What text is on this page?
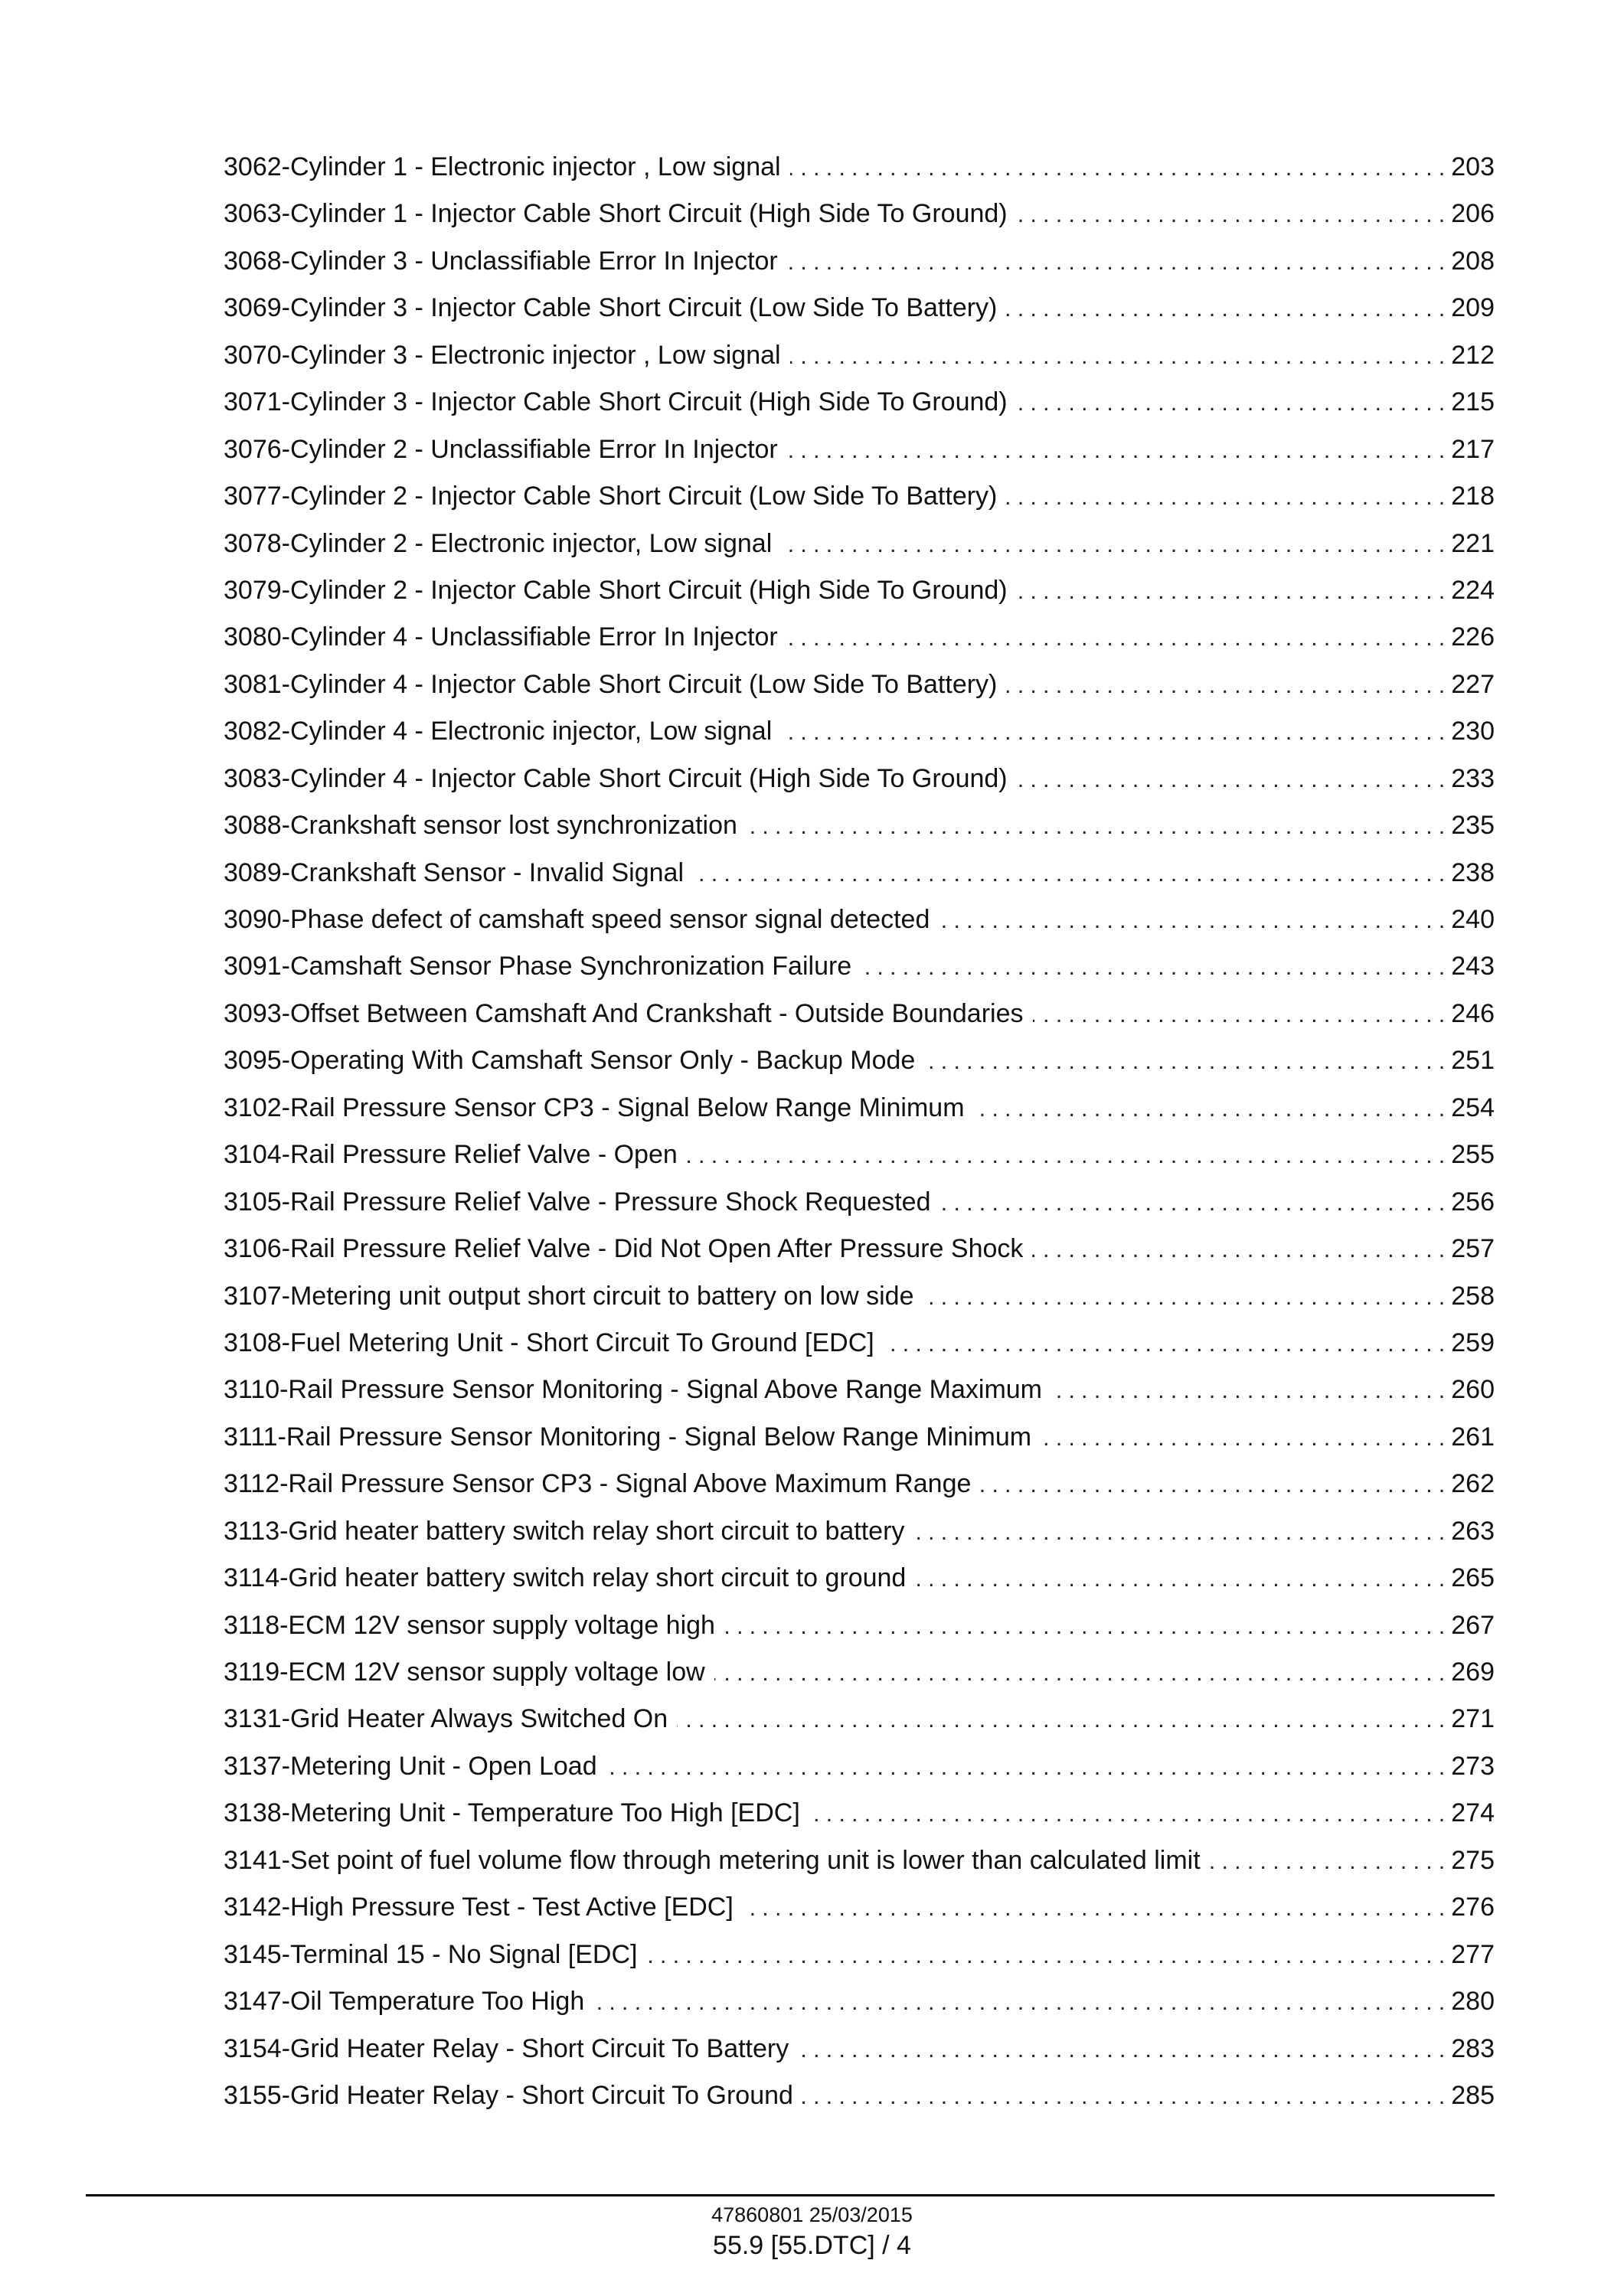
3062-Cylinder 1 - Electronic injector , Low signal . . .	203
3063-Cylinder 1 - Injector Cable Short Circuit (High Side To Ground) . . .	206
3068-Cylinder 3 - Unclassifiable Error In Injector . . .	208
3069-Cylinder 3 - Injector Cable Short Circuit (Low Side To Battery) . . .	209
3070-Cylinder 3 - Electronic injector , Low signal . . .	212
3071-Cylinder 3 - Injector Cable Short Circuit (High Side To Ground) . . .	215
3076-Cylinder 2 - Unclassifiable Error In Injector . . .	217
3077-Cylinder 2 - Injector Cable Short Circuit (Low Side To Battery) . . .	218
3078-Cylinder 2 - Electronic injector, Low signal . . .	221
3079-Cylinder 2 - Injector Cable Short Circuit (High Side To Ground) . . .	224
3080-Cylinder 4 - Unclassifiable Error In Injector . . .	226
3081-Cylinder 4 - Injector Cable Short Circuit (Low Side To Battery) . . .	227
3082-Cylinder 4 - Electronic injector, Low signal . . .	230
3083-Cylinder 4 - Injector Cable Short Circuit (High Side To Ground) . . .	233
3088-Crankshaft sensor lost synchronization . . .	235
3089-Crankshaft Sensor - Invalid Signal . . .	238
3090-Phase defect of camshaft speed sensor signal detected . . .	240
3091-Camshaft Sensor Phase Synchronization Failure . . .	243
3093-Offset Between Camshaft And Crankshaft - Outside Boundaries . . .	246
3095-Operating With Camshaft Sensor Only - Backup Mode . . .	251
3102-Rail Pressure Sensor CP3 - Signal Below Range Minimum . . .	254
3104-Rail Pressure Relief Valve - Open . . .	255
3105-Rail Pressure Relief Valve - Pressure Shock Requested . . .	256
3106-Rail Pressure Relief Valve - Did Not Open After Pressure Shock . . .	257
3107-Metering unit output short circuit to battery on low side . . .	258
3108-Fuel Metering Unit - Short Circuit To Ground [EDC] . . .	259
3110-Rail Pressure Sensor Monitoring - Signal Above Range Maximum . . .	260
3111-Rail Pressure Sensor Monitoring - Signal Below Range Minimum . . .	261
3112-Rail Pressure Sensor CP3 - Signal Above Maximum Range . . .	262
3113-Grid heater battery switch relay short circuit to battery . . .	263
3114-Grid heater battery switch relay short circuit to ground . . .	265
3118-ECM 12V sensor supply voltage high . . .	267
3119-ECM 12V sensor supply voltage low . . .	269
3131-Grid Heater Always Switched On . . .	271
3137-Metering Unit - Open Load . . .	273
3138-Metering Unit - Temperature Too High [EDC] . . .	274
3141-Set point of fuel volume flow through metering unit is lower than calculated limit . . .	275
3142-High Pressure Test - Test Active [EDC] . . .	276
3145-Terminal 15 - No Signal [EDC] . . .	277
3147-Oil Temperature Too High . . .	280
3154-Grid Heater Relay - Short Circuit To Battery . . .	283
3155-Grid Heater Relay - Short Circuit To Ground . . .	285
47860801 25/03/2015
55.9 [55.DTC] / 4
